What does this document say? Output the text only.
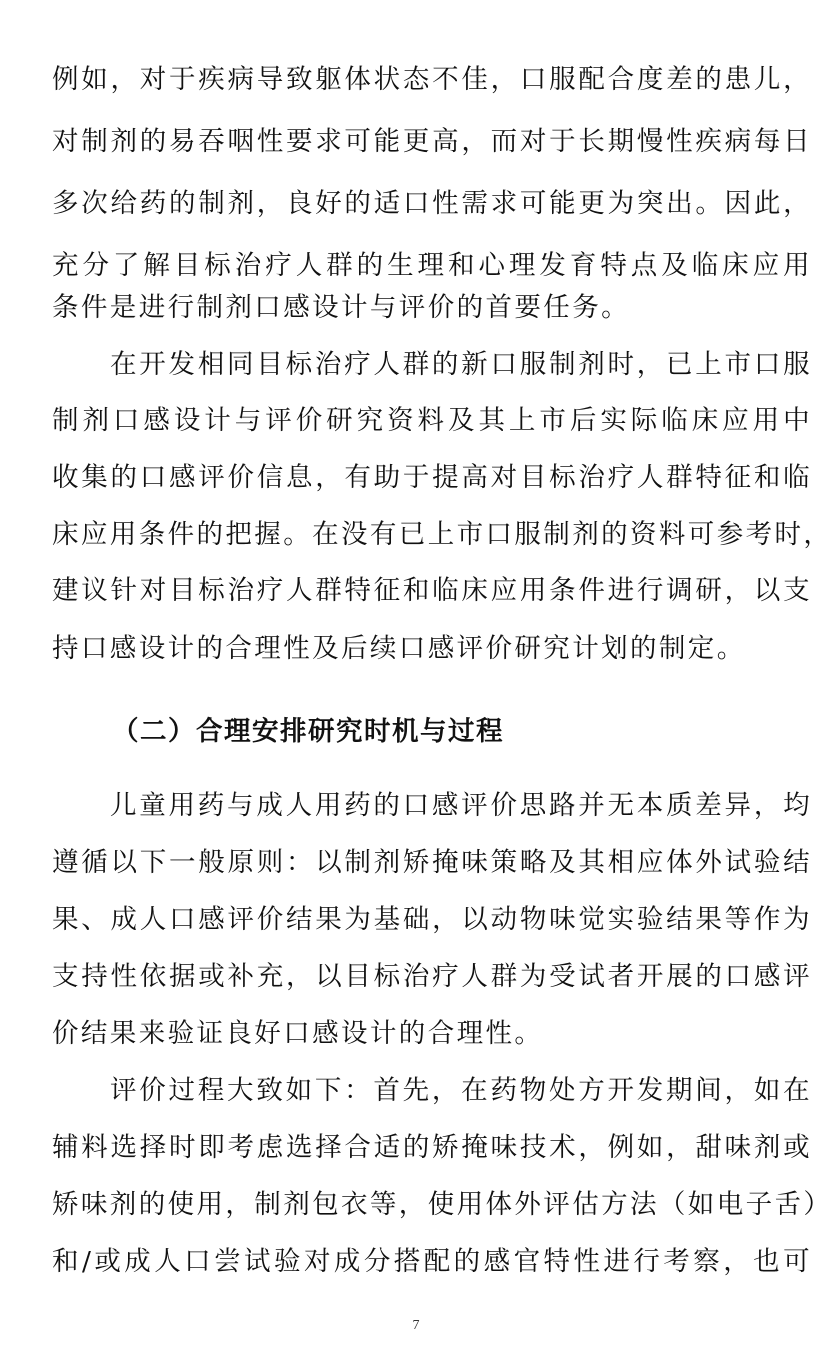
例如，对于疾病导致躯体状态不佳，口服配合度差的患儿，
对制剂的易吞咽性要求可能更高，而对于长期慢性疾病每日
多次给药的制剂，良好的适口性需求可能更为突出。因此，
充分了解目标治疗人群的生理和心理发育特点及临床应用
条件是进行制剂口感设计与评价的首要任务。
在开发相同目标治疗人群的新口服制剂时，已上市口服
制剂口感设计与评价研究资料及其上市后实际临床应用中
收集的口感评价信息，有助于提高对目标治疗人群特征和临
床应用条件的把握。在没有已上市口服制剂的资料可参考时，
建议针对目标治疗人群特征和临床应用条件进行调研，以支
持口感设计的合理性及后续口感评价研究计划的制定。
（二）合理安排研究时机与过程
儿童用药与成人用药的口感评价思路并无本质差异，均
遵循以下一般原则：以制剂矫掩味策略及其相应体外试验结
果、成人口感评价结果为基础，以动物味觉实验结果等作为
支持性依据或补充，以目标治疗人群为受试者开展的口感评
价结果来验证良好口感设计的合理性。
评价过程大致如下：首先，在药物处方开发期间，如在
辅料选择时即考虑选择合适的矫掩味技术，例如，甜味剂或
矫味剂的使用，制剂包衣等，使用体外评估方法（如电子舌）
和/或成人口尝试验对成分搭配的感官特性进行考察，也可
7
